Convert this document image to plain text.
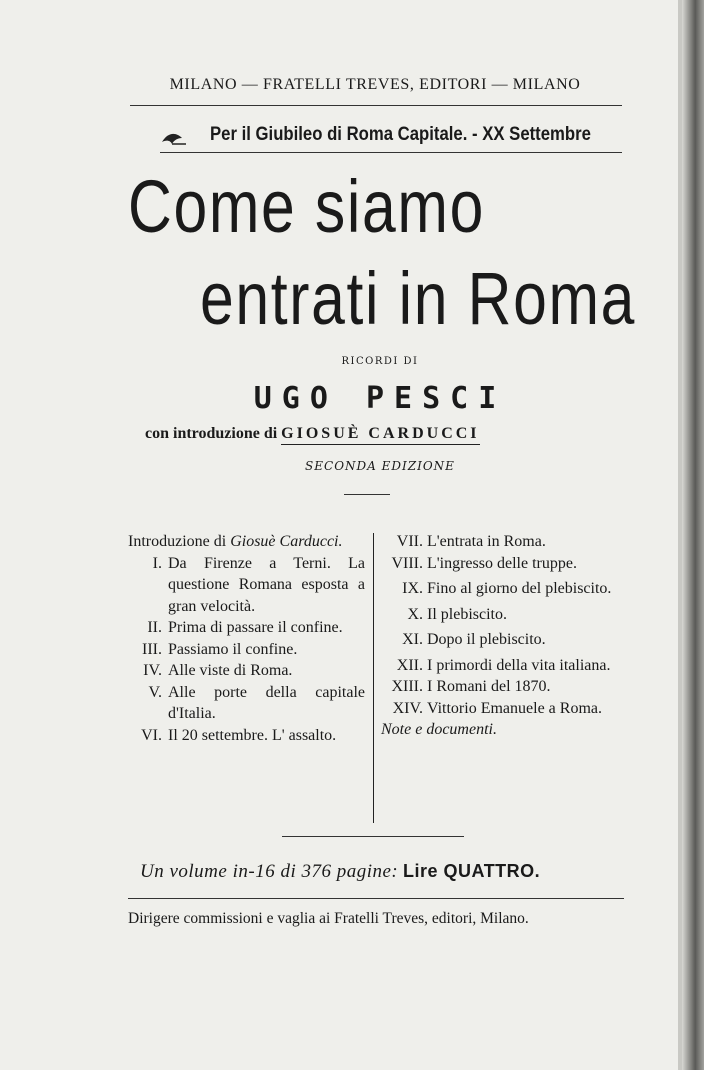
MILANO — FRATELLI TREVES, EDITORI — MILANO
Per il Giubileo di Roma Capitale. - XX Settembre
Come siamo
entrati in Roma
RICORDI DI
UGO PESCI
con introduzione di GIOSUÈ CARDUCCI
SECONDA EDIZIONE
Introduzione di Giosuè Carducci.
I. Da Firenze a Terni. La questione Romana esposta a gran velocità.
II. Prima di passare il confine.
III. Passiamo il confine.
IV. Alle viste di Roma.
V. Alle porte della capitale d'Italia.
VI. Il 20 settembre. L' assalto.
VII. L'entrata in Roma.
VIII. L'ingresso delle truppe.
IX. Fino al giorno del plebiscito.
X. Il plebiscito.
XI. Dopo il plebiscito.
XII. I primordi della vita italiana.
XIII. I Romani del 1870.
XIV. Vittorio Emanuele a Roma.
Note e documenti.
Un volume in-16 di 376 pagine: Lire QUATTRO.
Dirigere commissioni e vaglia ai Fratelli Treves, editori, Milano.
